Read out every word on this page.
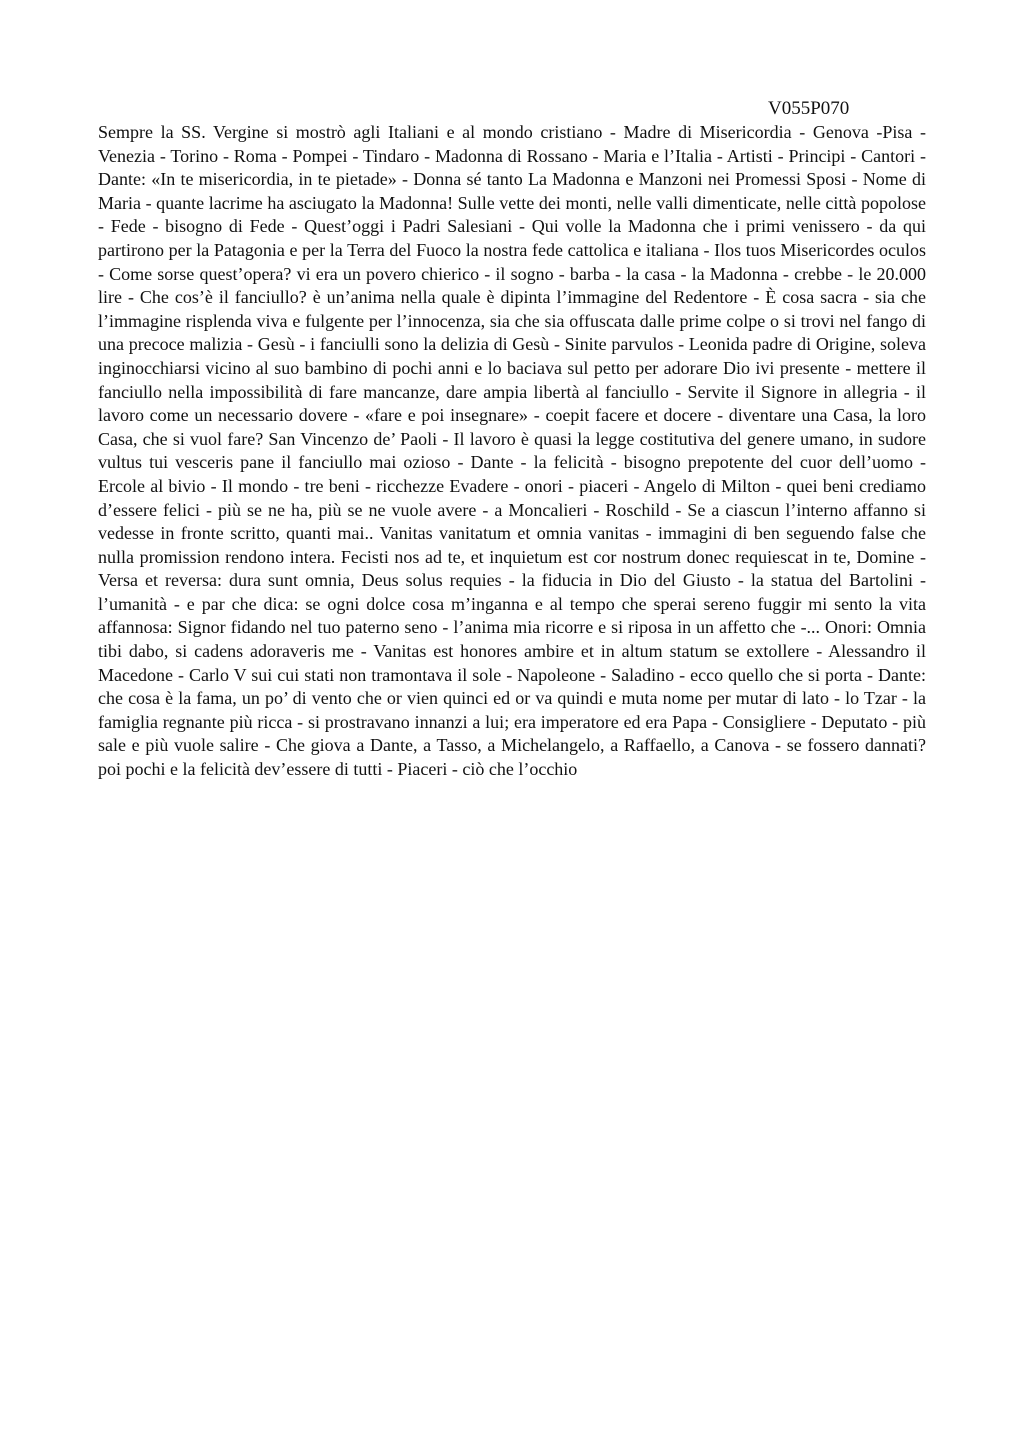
V055P070

Sempre la SS. Vergine si mostrò agli Italiani e al mondo cristiano - Madre di Misericordia - Genova -Pisa - Venezia - Torino - Roma - Pompei - Tindaro - Madonna di Rossano - Maria e l’Italia - Artisti - Principi - Cantori - Dante: «In te misericordia, in te pietade» - Donna sé tanto La Madonna e Manzoni nei Promessi Sposi - Nome di Maria - quante lacrime ha asciugato la Madonna! Sulle vette dei monti, nelle valli dimenticate, nelle città popolose - Fede - bisogno di Fede - Quest’oggi i Padri Salesiani - Qui volle la Madonna che i primi venissero - da qui partirono per la Patagonia e per la Terra del Fuoco la nostra fede cattolica e italiana - Ilos tuos Misericordes oculos - Come sorse quest’opera? vi era un povero chierico - il sogno - barba - la casa - la Madonna - crebbe - le 20.000 lire - Che cos’è il fanciullo? è un’anima nella quale è dipinta l’immagine del Redentore - È cosa sacra - sia che l’immagine risplenda viva e fulgente per l’innocenza, sia che sia offuscata dalle prime colpe o si trovi nel fango di una precoce malizia - Gesù - i fanciulli sono la delizia di Gesù - Sinite parvulos - Leonida padre di Origine, soleva inginocchiarsi vicino al suo bambino di pochi anni e lo baciava sul petto per adorare Dio ivi presente - mettere il fanciullo nella impossibilità di fare mancanze, dare ampia libertà al fanciullo - Servite il Signore in allegria - il lavoro come un necessario dovere - «fare e poi insegnare» - coepit facere et docere - diventare una Casa, la loro Casa, che si vuol fare? San Vincenzo de’ Paoli - Il lavoro è quasi la legge costitutiva del genere umano, in sudore vultus tui vesceris pane il fanciullo mai ozioso - Dante - la felicità - bisogno prepotente del cuor dell’uomo - Ercole al bivio - Il mondo - tre beni - ricchezze Evadere - onori - piaceri - Angelo di Milton - quei beni crediamo d’essere felici - più se ne ha, più se ne vuole avere - a Moncalieri - Roschild - Se a ciascun l’interno affanno si vedesse in fronte scritto, quanti mai.. Vanitas vanitatum et omnia vanitas - immagini di ben seguendo false che nulla promission rendono intera. Fecisti nos ad te, et inquietum est cor nostrum donec requiescat in te, Domine - Versa et reversa: dura sunt omnia, Deus solus requies - la fiducia in Dio del Giusto - la statua del Bartolini - l’umanità - e par che dica: se ogni dolce cosa m’inganna e al tempo che sperai sereno fuggir mi sento la vita affannosa: Signor fidando nel tuo paterno seno - l’anima mia ricorre e si riposa in un affetto che -... Onori: Omnia tibi dabo, si cadens adoraveris me - Vanitas est honores ambire et in altum statum se extollere - Alessandro il Macedone - Carlo V sui cui stati non tramontava il sole - Napoleone - Saladino - ecco quello che si porta - Dante: che cosa è la fama, un po’ di vento che or vien quinci ed or va quindi e muta nome per mutar di lato - lo Tzar - la famiglia regnante più ricca - si prostravano innanzi a lui; era imperatore ed era Papa - Consigliere - Deputato - più sale e più vuole salire - Che giova a Dante, a Tasso, a Michelangelo, a Raffaello, a Canova - se fossero dannati? poi pochi e la felicità dev’essere di tutti - Piaceri - ciò che l’occhio
